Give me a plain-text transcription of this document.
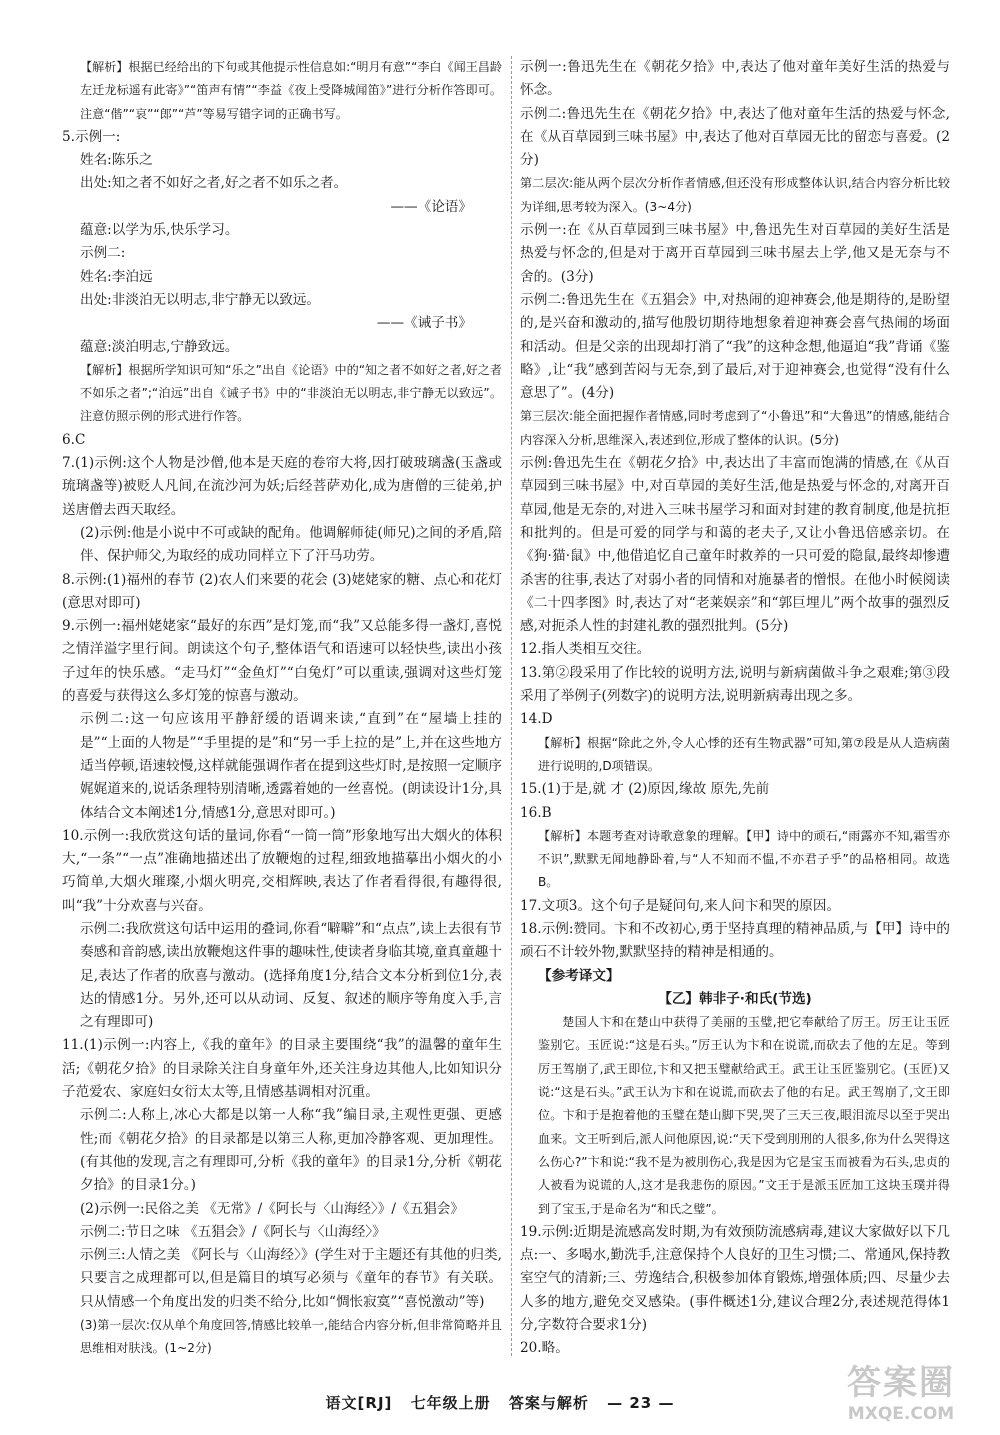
【解析】根据已经给出的下句或其他提示性信息如:“明月有意”“李白《闻王昌龄左迁龙标遥有此寄》”“笛声有情”“李益《夜上受降城闻笛》”进行分析作答即可。注意“偕”“哀”“郎”“芦”等易写错字词的正确书写。

5.示例一:

姓名:陈乐之

出处:知之者不如好之者,好之者不如乐之者。

——《论语》

蕴意:以学为乐,快乐学习。

示例二:

姓名:李泊远

出处:非淡泊无以明志,非宁静无以致远。

——《诫子书》

蕴意:淡泊明志,宁静致远。

【解析】根据所学知识可知“乐之”出自《论语》中的“知之者不如好之者,好之者不如乐之者”;“泊远”出自《诫子书》中的“非淡泊无以明志,非宁静无以致远”。注意仿照示例的形式进行作答。

6.C

7.(1)示例:这个人物是沙僧,他本是天庭的卷帘大将,因打破玻璃盏(玉盏或琉璃盏等)被贬人凡间,在流沙河为妖;后经菩萨劝化,成为唐僧的三徒弟,护送唐僧去西天取经。

(2)示例:他是小说中不可或缺的配角。他调解师徒(师兄)之间的矛盾,陪伴、保护师父,为取经的成功同样立下了汗马功劳。

8.示例:(1)福州的春节 (2)农人们来要的花会 (3)姥姥家的糖、点心和花灯(意思对即可)

9.示例一:福州姥姥家“最好的东西”是灯笼,而“我”又总能多得一盏灯,喜悦之情洋溢字里行间。朗读这个句子,整体语气和语速可以轻快些,读出小孩子过年的快乐感。“走马灯”“金鱼灯”“白兔灯”可以重读,强调对这些灯笼的喜爱与获得这么多灯笼的惊喜与激动。

示例二:这一句应该用平静舒缓的语调来读,“直到”在“屋墙上挂的是”“上面的人物是”“手里提的是”和“另一手上拉的是”上,并在这些地方适当停顿,语速较慢,这样就能强调作者在提到这些灯时,是按照一定顺序娓娓道来的,说话条理特别清晰,透露着她的一丝喜悦。(朗读设计1分,具体结合文本阐述1分,情感1分,意思对即可。)

10.示例一:我欣赏这句话的量词,你看“一筒一筒”形象地写出大烟火的体积大,“一条”“一点”准确地描述出了放鞭炮的过程,细致地描摹出小烟火的小巧简单,大烟火璀璨,小烟火明亮,交相辉映,表达了作者看得很,有趣得很,叫“我”十分欢喜与兴奋。

示例二:我欣赏这句话中运用的叠词,你看“噼噼”和“点点”,读上去很有节奏感和音韵感,读出放鞭炮这件事的趣味性,使读者身临其境,童真童趣十足,表达了作者的欣喜与激动。(选择角度1分,结合文本分析到位1分,表达的情感1分。另外,还可以从动词、反复、叙述的顺序等角度入手,言之有理即可)

11.(1)示例一:内容上,《我的童年》的目录主要围绕“我”的温馨的童年生活;《朝花夕拾》的目录除关注自身童年外,还关注身边其他人,比如知识分子范爱农、家庭妇女衍太太等,且情感基调相对沉重。

示例二:人称上,冰心大都是以第一人称“我”编目录,主观性更强、更感性;而《朝花夕拾》的目录都是以第三人称,更加冷静客观、更加理性。(有其他的发现,言之有理即可,分析《我的童年》的目录1分,分析《朝花夕拾》的目录1分。)

(2)示例一:民俗之美 《无常》/《阿长与〈山海经〉》/《五猖会》

示例二:节日之味 《五猖会》/《阿长与〈山海经〉》

示例三:人情之美 《阿长与〈山海经〉》(学生对于主题还有其他的归类,只要言之成理都可以,但是篇目的填写必须与《童年的春节》有关联。只从情感一个角度出发的归类不给分,比如“惆怅寂寞”“喜悦激动”等)

(3)第一层次:仅从单个角度回答,情感比较单一,能结合内容分析,但非常简略并且思维相对肤浅。(1~2分)

示例一:鲁迅先生在《朝花夕拾》中,表达了他对童年美好生活的热爱与怀念。

示例二:鲁迅先生在《朝花夕拾》中,表达了他对童年生活的热爱与怀念,在《从百草园到三味书屋》中,表达了他对百草园无比的留恋与喜爱。(2分)

第二层次:能从两个层次分析作者情感,但还没有形成整体认识,结合内容分析比较为详细,思考较为深入。(3~4分)

示例一:在《从百草园到三味书屋》中,鲁迅先生对百草园的美好生活是热爱与怀念的,但是对于离开百草园到三味书屋去上学,他又是无奈与不舍的。(3分)

示例二:鲁迅先生在《五猖会》中,对热闹的迎神赛会,他是期待的,是盼望的,是兴奋和激动的,描写他殷切期待地想象着迎神赛会喜气热闹的场面和活动。但是父亲的出现却打消了“我”的这种念想,他逼迫“我”背诵《鉴略》,让“我”感到苦闷与无奈,到了最后,对于迎神赛会,也觉得“没有什么意思了”。(4分)

第三层次:能全面把握作者情感,同时考虑到了“小鲁迅”和“大鲁迅”的情感,能结合内容深入分析,思维深入,表述到位,形成了整体的认识。(5分)

示例:鲁迅先生在《朝花夕拾》中,表达出了丰富而饱满的情感,在《从百草园到三味书屋》中,对百草园的美好生活,他是热爱与怀念的,对离开百草园,他是无奈的,对进入三味书屋学习和面对封建的教育制度,他是抗拒和批判的。但是可爱的同学与和蔼的老夫子,又让小鲁迅倍感亲切。在《狗·猫·鼠》中,他借追忆自己童年时救养的一只可爱的隐鼠,最终却惨遭杀害的往事,表达了对弱小者的同情和对施暴者的憎恨。在他小时候阅读《二十四孝图》时,表达了对“老莱娱亲”和“郭巨埋儿”两个故事的强烈反感,对扼杀人性的封建礼教的强烈批判。(5分)

12.指人类相互交往。

13.第②段采用了作比较的说明方法,说明与新病菌做斗争之艰难;第③段采用了举例子(列数字)的说明方法,说明新病毒出现之多。

14.D

【解析】根据“除此之外,令人心悸的还有生物武器”可知,第⑦段是从人造病菌进行说明的,D项错误。

15.(1)于是,就 才 (2)原因,缘故 原先,先前

16.B

【解析】本题考查对诗歌意象的理解。【甲】诗中的顽石,“雨露亦不知,霜雪亦不识”,默默无闻地静卧着,与“人不知而不愠,不亦君子乎”的品格相同。故选B。

17.文项3。这个句子是疑问句,来人问卞和哭的原因。

18.示例:赞同。卞和不改初心,勇于坚持真理的精神品质,与【甲】诗中的顽石不计较外物,默默坚持的精神是相通的。

【参考译文】

【乙】韩非子·和氏(节选)

楚国人卞和在楚山中获得了美丽的玉璧,把它奉献给了厉王。厉王让玉匠鉴别它。玉匠说:“这是石头。”厉王认为卞和在说谎,而砍去了他的左足。等到厉王驾崩了,武王即位,卞和又把玉璧献给武王。武王让玉匠鉴别它。(玉匠)又说:“这是石头。”武王认为卞和在说谎,而砍去了他的右足。武王驾崩了,文王即位。卞和于是抱着他的玉璧在楚山脚下哭,哭了三天三夜,眼泪流尽以至于哭出血来。文王听到后,派人问他原因,说:“天下受到刖刑的人很多,你为什么哭得这么伤心?”卞和说:“我不是为被刖伤心,我是因为它是宝玉而被看为石头,忠贞的人被看为说谎的人,这才是我悲伤的原因。”文王于是派玉匠加工这块玉璞并得到了宝玉,于是命名为“和氏之璧”。

19.示例:近期是流感高发时期,为有效预防流感病毒,建议大家做好以下几点:一、多喝水,勤洗手,注意保持个人良好的卫生习惯;二、常通风,保持教室空气的清新;三、劳逸结合,积极参加体育锻炼,增强体质;四、尽量少去人多的地方,避免交叉感染。(事件概述1分,建议合理2分,表述规范得体1分,字数符合要求1分)

20.略。

语文[RJ] 七年级上册 答案与解析 — 23 —	答案圈
MXQE.COM
